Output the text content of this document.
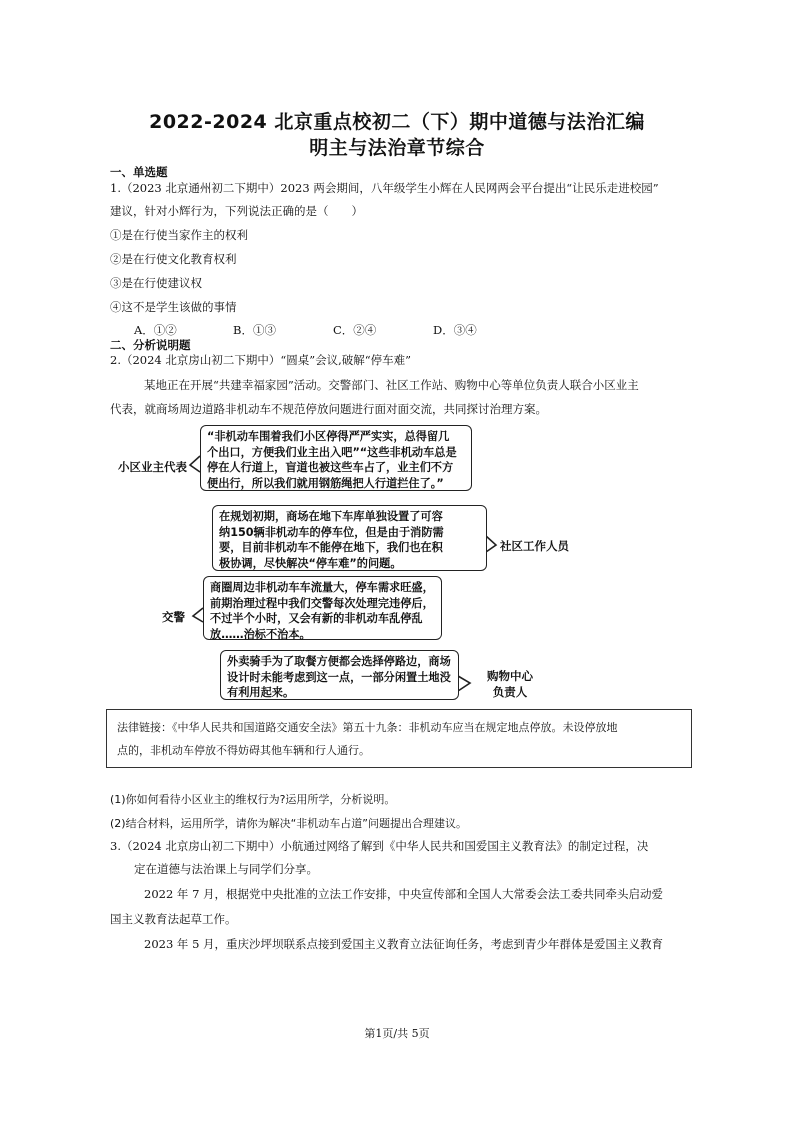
2022-2024 北京重点校初二（下）期中道德与法治汇编
明主与法治章节综合
一、单选题
1.（2023 北京通州初二下期中）2023 两会期间，八年级学生小辉在人民网两会平台提出“让民乐走进校园”
建议，针对小辉行为，下列说法正确的是（　　）
①是在行使当家作主的权利
②是在行使文化教育权利
③是在行使建议权
④这不是学生该做的事情
A．①②	B．①③	C．②④	D．③④
二、分析说明题
2.（2024 北京房山初二下期中）“圆桌”会议,破解“停车难”
某地正在开展“共建幸福家园”活动。交警部门、社区工作站、购物中心等单位负责人联合小区业主
代表，就商场周边道路非机动车不规范停放问题进行面对面交流，共同探讨治理方案。
小区业主代表
“非机动车围着我们小区停得严严实实，总得留几
个出口，方便我们业主出入吧”“这些非机动车总是
停在人行道上，盲道也被这些车占了，业主们不方
便出行，所以我们就用钢筋绳把人行道拦住了。”
在规划初期，商场在地下车库单独设置了可容
纳150辆非机动车的停车位，但是由于消防需
要，目前非机动车不能停在地下，我们也在积
极协调，尽快解决“停车难”的问题。
社区工作人员
交警
商圈周边非机动车车流量大，停车需求旺盛，
前期治理过程中我们交警每次处理完违停后，
不过半个小时，又会有新的非机动车乱停乱
放……治标不治本。
外卖骑手为了取餐方便都会选择停路边，商场
设计时未能考虑到这一点，一部分闲置土地没
有利用起来。
购物中心
负责人
法律链接：《中华人民共和国道路交通安全法》第五十九条：非机动车应当在规定地点停放。未设停放地
点的，非机动车停放不得妨碍其他车辆和行人通行。
(1)你如何看待小区业主的维权行为?运用所学，分析说明。
(2)结合材料，运用所学，请你为解决“非机动车占道”问题提出合理建议。
3.（2024 北京房山初二下期中）小航通过网络了解到《中华人民共和国爱国主义教育法》的制定过程，决
定在道德与法治课上与同学们分享。
2022 年 7 月，根据党中央批准的立法工作安排，中央宣传部和全国人大常委会法工委共同牵头启动爱
国主义教育法起草工作。
2023 年 5 月，重庆沙坪坝联系点接到爱国主义教育立法征询任务，考虑到青少年群体是爱国主义教育
第1页/共 5页
